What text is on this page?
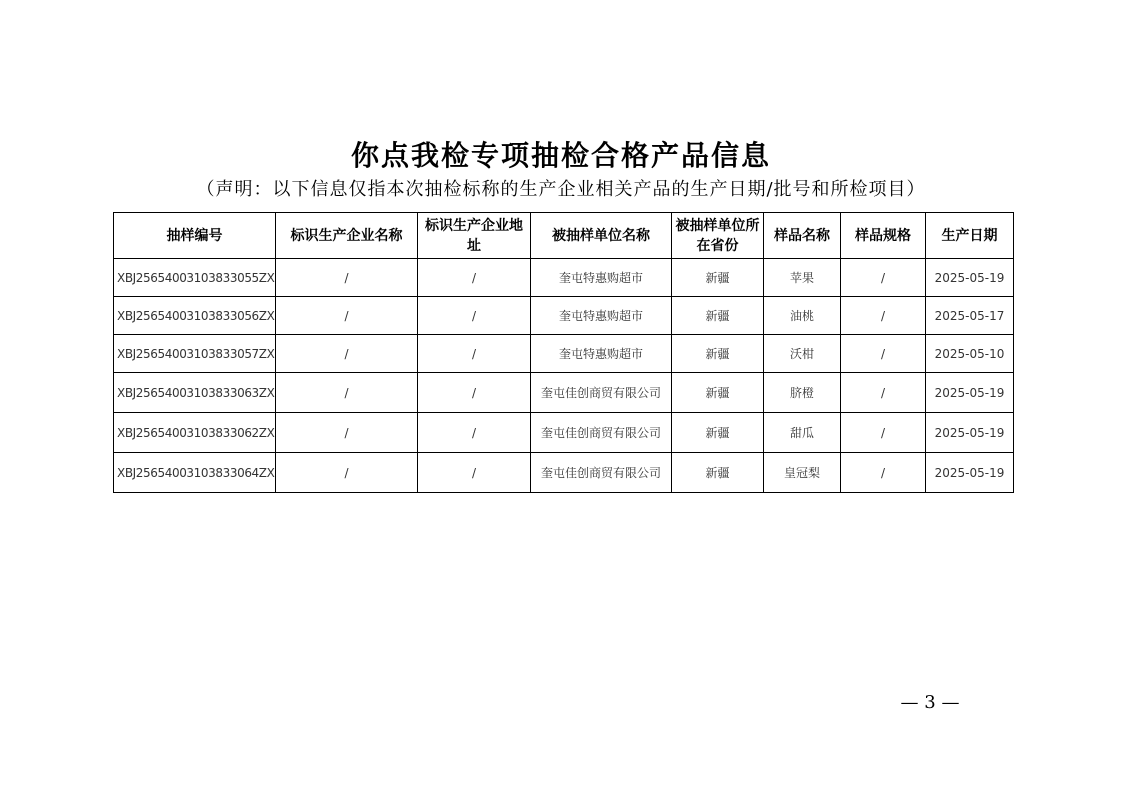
你点我检专项抽检合格产品信息

（声明：以下信息仅指本次抽检标称的生产企业相关产品的生产日期/批号和所检项目）

抽样编号	标识生产企业名称	标识生产企业地址	被抽样单位名称	被抽样单位所在省份	样品名称	样品规格	生产日期
XBJ25654003103833055ZX	/	/	奎屯特惠购超市	新疆	苹果	/	2025-05-19
XBJ25654003103833056ZX	/	/	奎屯特惠购超市	新疆	油桃	/	2025-05-17
XBJ25654003103833057ZX	/	/	奎屯特惠购超市	新疆	沃柑	/	2025-05-10
XBJ25654003103833063ZX	/	/	奎屯佳创商贸有限公司	新疆	脐橙	/	2025-05-19
XBJ25654003103833062ZX	/	/	奎屯佳创商贸有限公司	新疆	甜瓜	/	2025-05-19
XBJ25654003103833064ZX	/	/	奎屯佳创商贸有限公司	新疆	皇冠梨	/	2025-05-19
— 3 —
